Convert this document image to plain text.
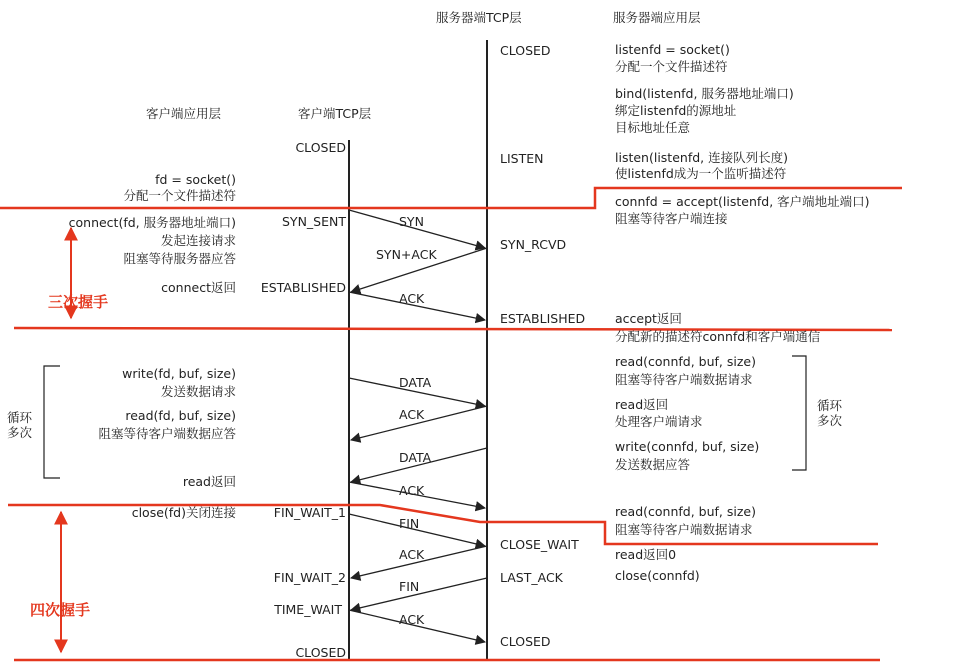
服务器端TCP层	服务器端应用层
客户端应用层	客户端TCP层
CLOSED
SYN_SENT
ESTABLISHED
FIN_WAIT_1
FIN_WAIT_2
TIME_WAIT
CLOSED
CLOSED
LISTEN
SYN_RCVD
ESTABLISHED
CLOSE_WAIT
LAST_ACK
CLOSED
fd = socket()
分配一个文件描述符
connect(fd, 服务器地址端口)
发起连接请求
阻塞等待服务器应答
connect返回
write(fd, buf, size)
发送数据请求
read(fd, buf, size)
阻塞等待客户端数据应答
read返回
close(fd)关闭连接
listenfd = socket()
分配一个文件描述符
bind(listenfd, 服务器地址端口)
绑定listenfd的源地址
目标地址任意
listen(listenfd, 连接队列长度)
使listenfd成为一个监听描述符
connfd = accept(listenfd, 客户端地址端口)
阻塞等待客户端连接
accept返回
分配新的描述符connfd和客户端通信
read(connfd, buf, size)
阻塞等待客户端数据请求
read返回
处理客户端请求
write(connfd, buf, size)
发送数据应答
read(connfd, buf, size)
阻塞等待客户端数据请求
read返回0
close(connfd)
SYN
SYN+ACK
ACK
DATA
ACK
DATA
ACK
FIN
ACK
FIN
ACK
循环
多次
循环
多次
三次握手
四次握手
